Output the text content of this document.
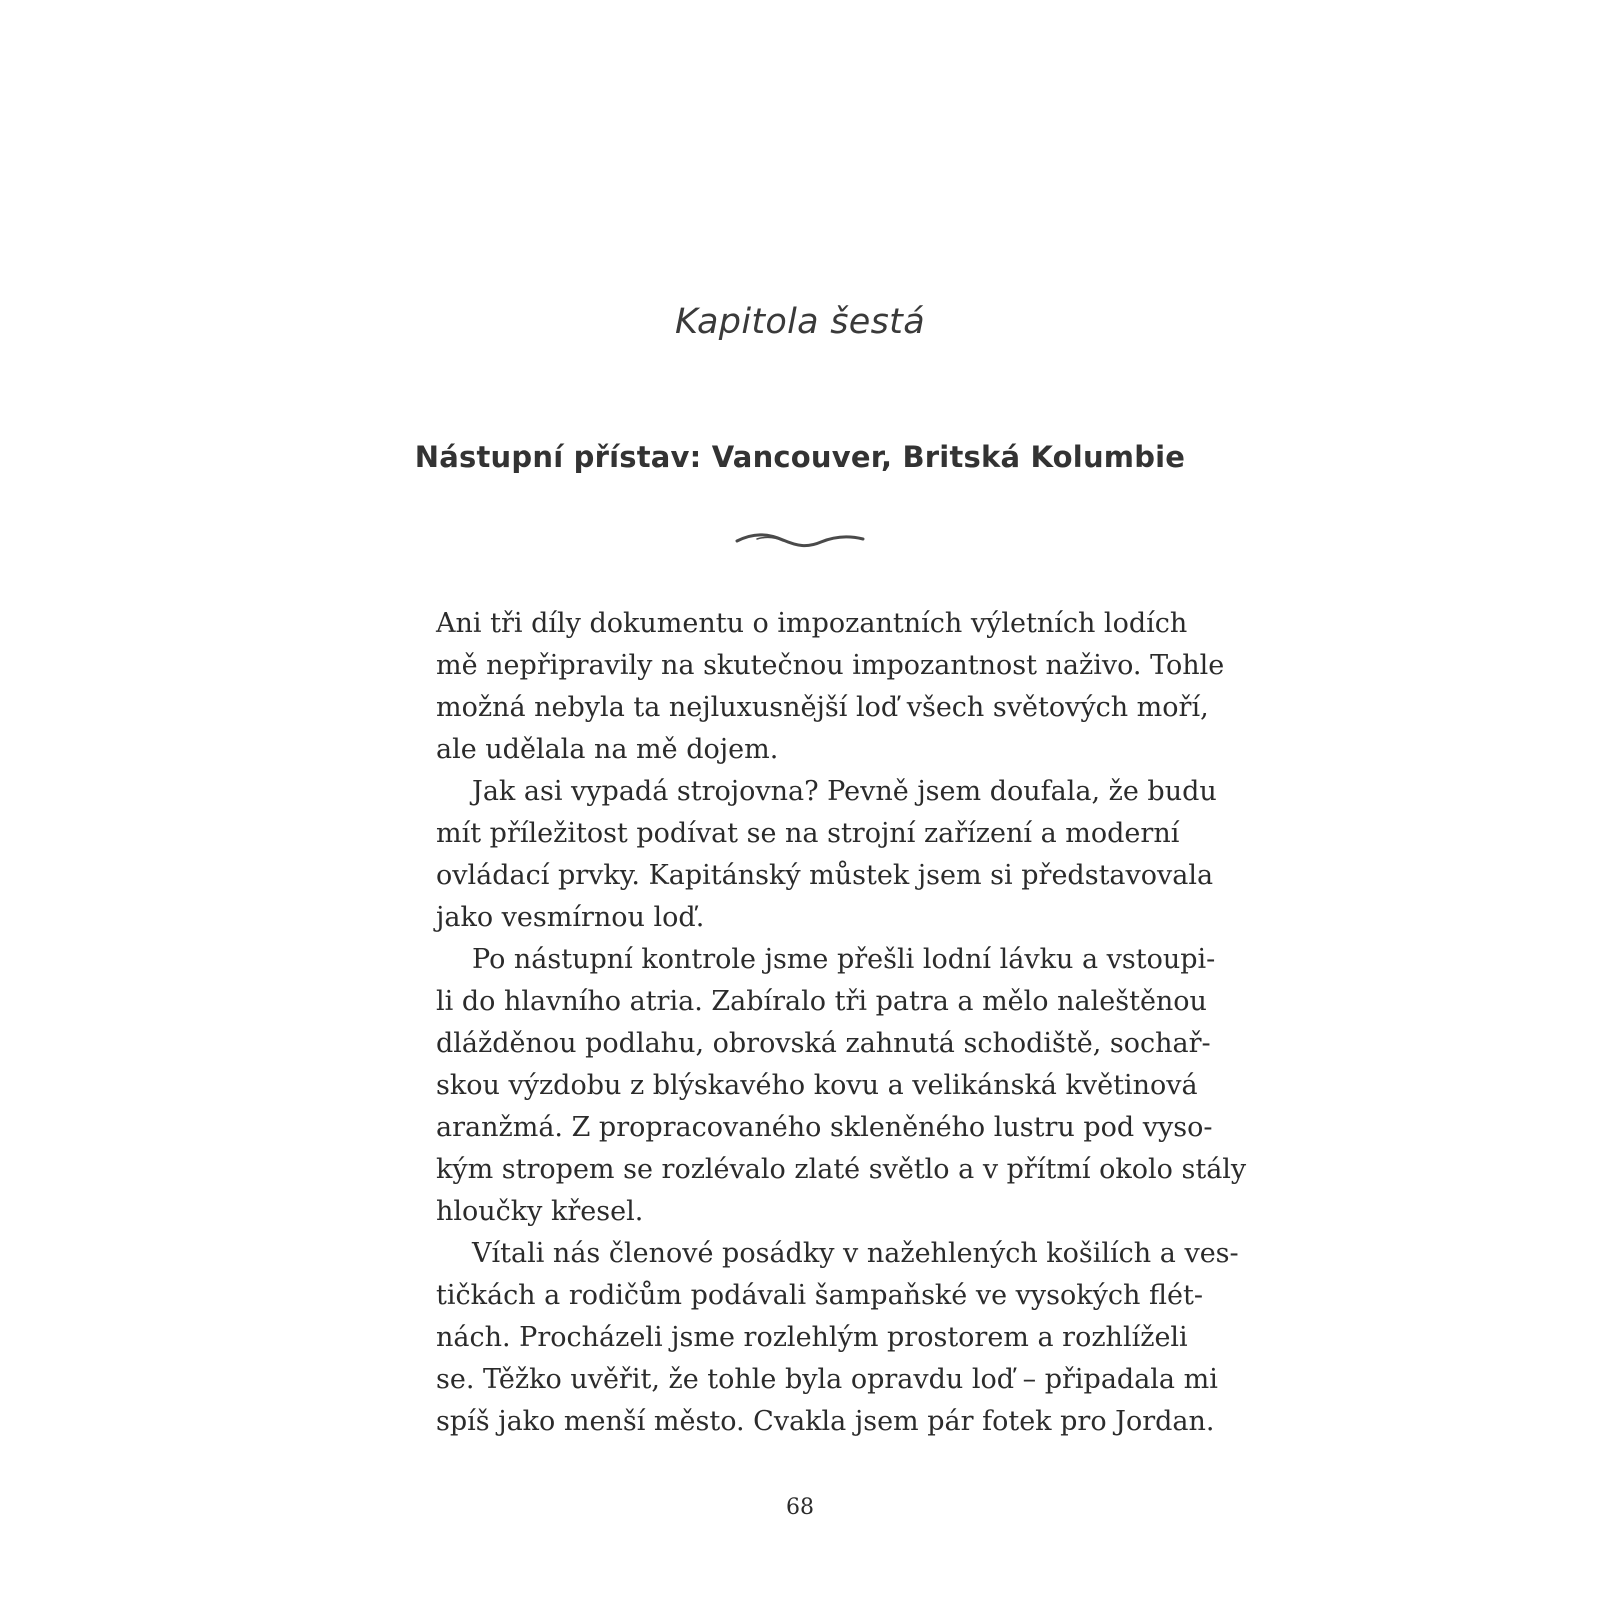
Kapitola šestá
Nástupní přístav: Vancouver, Britská Kolumbie

Ani tři díly dokumentu o impozantních výletních lodích
mě nepřipravily na skutečnou impozantnost naživo. Tohle
možná nebyla ta nejluxusnější loď všech světových moří,
ale udělala na mě dojem.

Jak asi vypadá strojovna? Pevně jsem doufala, že budu
mít příležitost podívat se na strojní zařízení a moderní
ovládací prvky. Kapitánský můstek jsem si představovala
jako vesmírnou loď.

Po nástupní kontrole jsme přešli lodní lávku a vstoupi-
li do hlavního atria. Zabíralo tři patra a mělo naleštěnou
dlážděnou podlahu, obrovská zahnutá schodiště, sochař-
skou výzdobu z blýskavého kovu a velikánská květinová
aranžmá. Z propracovaného skleněného lustru pod vyso-
kým stropem se rozlévalo zlaté světlo a v přítmí okolo stály
hloučky křesel.

Vítali nás členové posádky v nažehlených košilích a ves-
tičkách a rodičům podávali šampaňské ve vysokých flét-
nách. Procházeli jsme rozlehlým prostorem a rozhlíželi
se. Těžko uvěřit, že tohle byla opravdu loď – připadala mi
spíš jako menší město. Cvakla jsem pár fotek pro Jordan.

68
